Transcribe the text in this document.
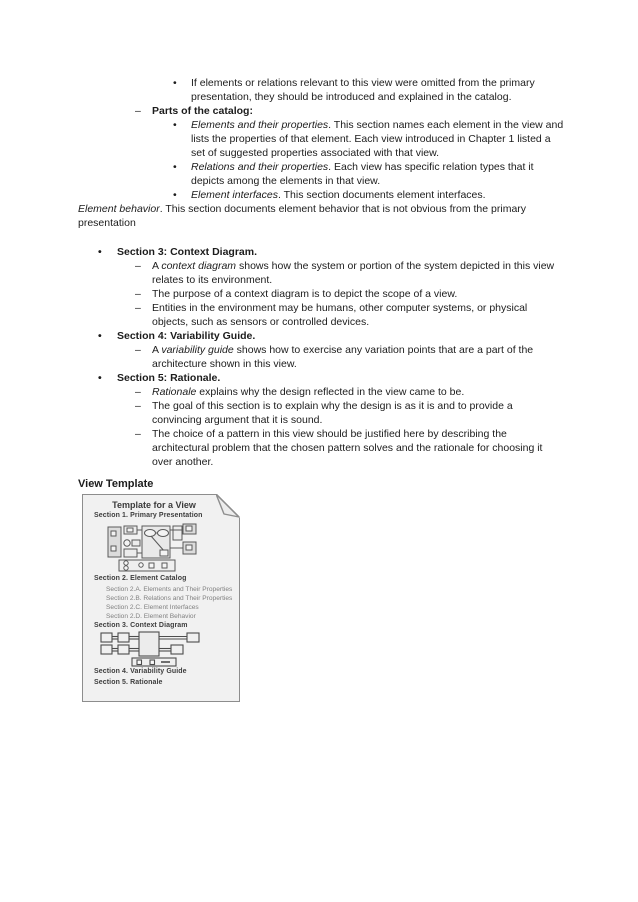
•	If elements or relations relevant to this view were omitted from the primary presentation, they should be introduced and explained in the catalog.
–	Parts of the catalog:
•	Elements and their properties. This section names each element in the view and lists the properties of that element. Each view introduced in Chapter 1 listed a set of suggested properties associated with that view.
•	Relations and their properties. Each view has specific relation types that it depicts among the elements in that view.
•	Element interfaces. This section documents element interfaces.

Element behavior. This section documents element behavior that is not obvious from the primary presentation

•	Section 3: Context Diagram.
–	A context diagram shows how the system or portion of the system depicted in this view relates to its environment.
–	The purpose of a context diagram is to depict the scope of a view.
–	Entities in the environment may be humans, other computer systems, or physical objects, such as sensors or controlled devices.
•	Section 4: Variability Guide.
–	A variability guide shows how to exercise any variation points that are a part of the architecture shown in this view.
•	Section 5: Rationale.
–	Rationale explains why the design reflected in the view came to be.
–	The goal of this section is to explain why the design is as it is and to provide a convincing argument that it is sound.
–	The choice of a pattern in this view should be justified here by describing the architectural problem that the chosen pattern solves and the rationale for choosing it over another.
View Template
Template for a View
Section 1. Primary Presentation
Section 2. Element Catalog
Section 2.A. Elements and Their Properties
Section 2.B. Relations and Their Properties
Section 2.C. Element Interfaces
Section 2.D. Element Behavior
Section 3. Context Diagram
Section 4. Variability Guide
Section 5. Rationale
